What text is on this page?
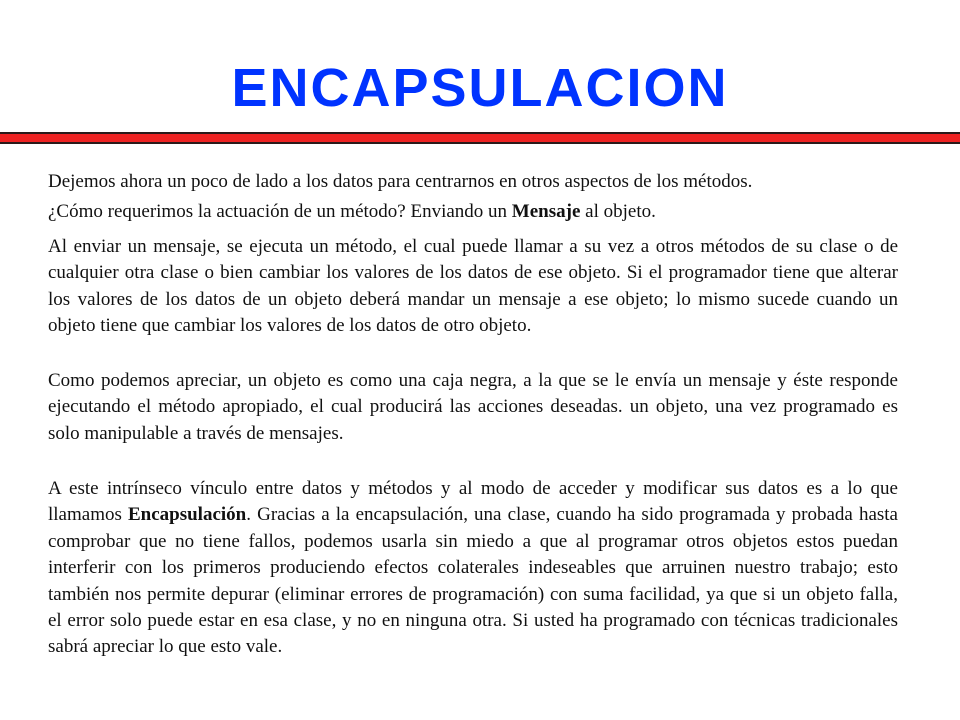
ENCAPSULACION

Dejemos ahora un poco de lado a los datos para centrarnos en otros aspectos de los métodos.

¿Cómo requerimos la actuación de un método? Enviando un Mensaje al objeto.

Al enviar un mensaje, se ejecuta un método, el cual puede llamar a su vez a otros métodos de su clase o de cualquier otra clase o bien cambiar los valores de los datos de ese objeto. Si el programador tiene que alterar los valores de los datos de un objeto deberá mandar un mensaje a ese objeto; lo mismo sucede cuando un objeto tiene que cambiar los valores de los datos de otro objeto.

Como podemos apreciar, un objeto es como una caja negra, a la que se le envía un mensaje y éste responde ejecutando el método apropiado, el cual producirá las acciones deseadas. un objeto, una vez programado es solo manipulable a través de mensajes.

A este intrínseco vínculo entre datos y métodos y al modo de acceder y modificar sus datos es a lo que llamamos Encapsulación. Gracias a la encapsulación, una clase, cuando ha sido programada y probada hasta comprobar que no tiene fallos, podemos usarla sin miedo a que al programar otros objetos estos puedan interferir con los primeros produciendo efectos colaterales indeseables que arruinen nuestro trabajo; esto también nos permite depurar (eliminar errores de programación) con suma facilidad, ya que si un objeto falla, el error solo puede estar en esa clase, y no en ninguna otra. Si usted ha programado con técnicas tradicionales sabrá apreciar lo que esto vale.
